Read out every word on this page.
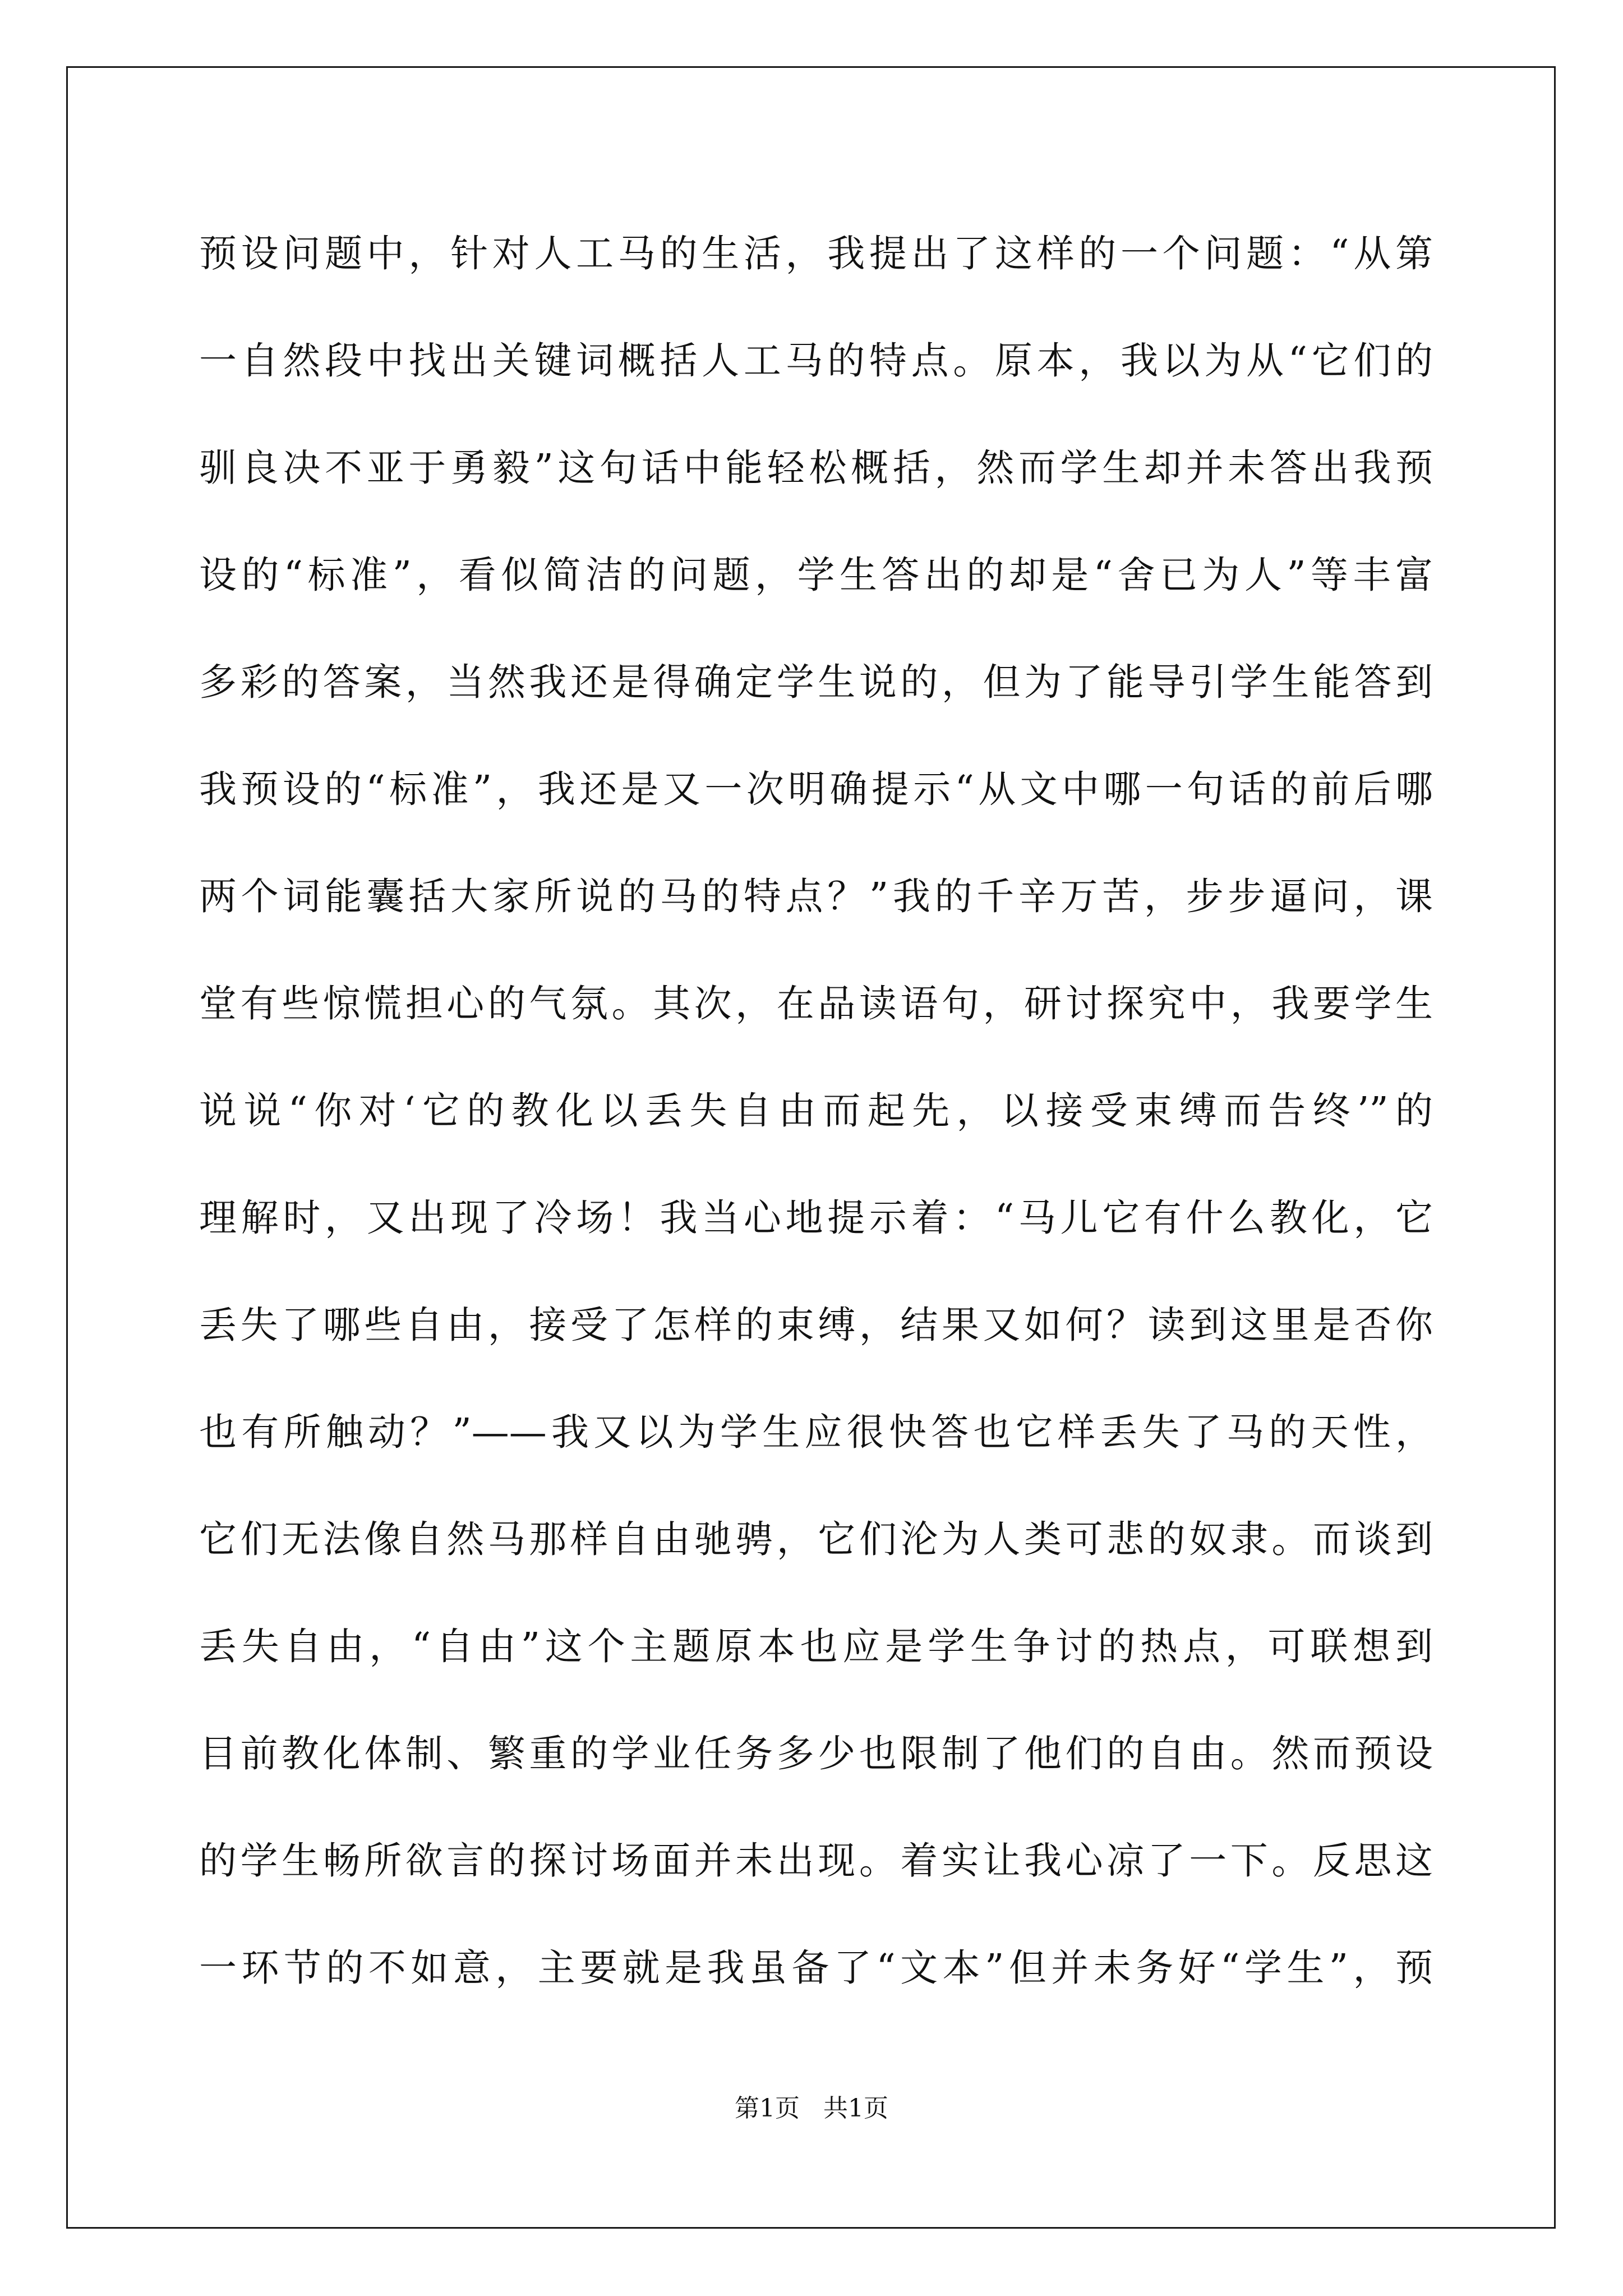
预设问题中，针对人工马的生活，我提出了这样的一个问题：“从第
一自然段中找出关键词概括人工马的特点。原本，我以为从“它们的
驯良决不亚于勇毅”这句话中能轻松概括，然而学生却并未答出我预
设的“标准”，看似简洁的问题，学生答出的却是“舍已为人”等丰富
多彩的答案，当然我还是得确定学生说的，但为了能导引学生能答到
我预设的“标准”，我还是又一次明确提示“从文中哪一句话的前后哪
两个词能囊括大家所说的马的特点？”我的千辛万苦，步步逼问，课
堂有些惊慌担心的气氛。其次，在品读语句，研讨探究中，我要学生
说说“你对‘它的教化以丢失自由而起先，以接受束缚而告终’”的
理解时，又出现了冷场！我当心地提示着：“马儿它有什么教化，它
丢失了哪些自由，接受了怎样的束缚，结果又如何？读到这里是否你
也有所触动？”——我又以为学生应很快答也它样丢失了马的天性，
它们无法像自然马那样自由驰骋，它们沦为人类可悲的奴隶。而谈到
丢失自由，“自由”这个主题原本也应是学生争讨的热点，可联想到
目前教化体制、繁重的学业任务多少也限制了他们的自由。然而预设
的学生畅所欲言的探讨场面并未出现。着实让我心凉了一下。反思这
一环节的不如意，主要就是我虽备了“文本”但并未务好“学生”，预
第1页   共1页
